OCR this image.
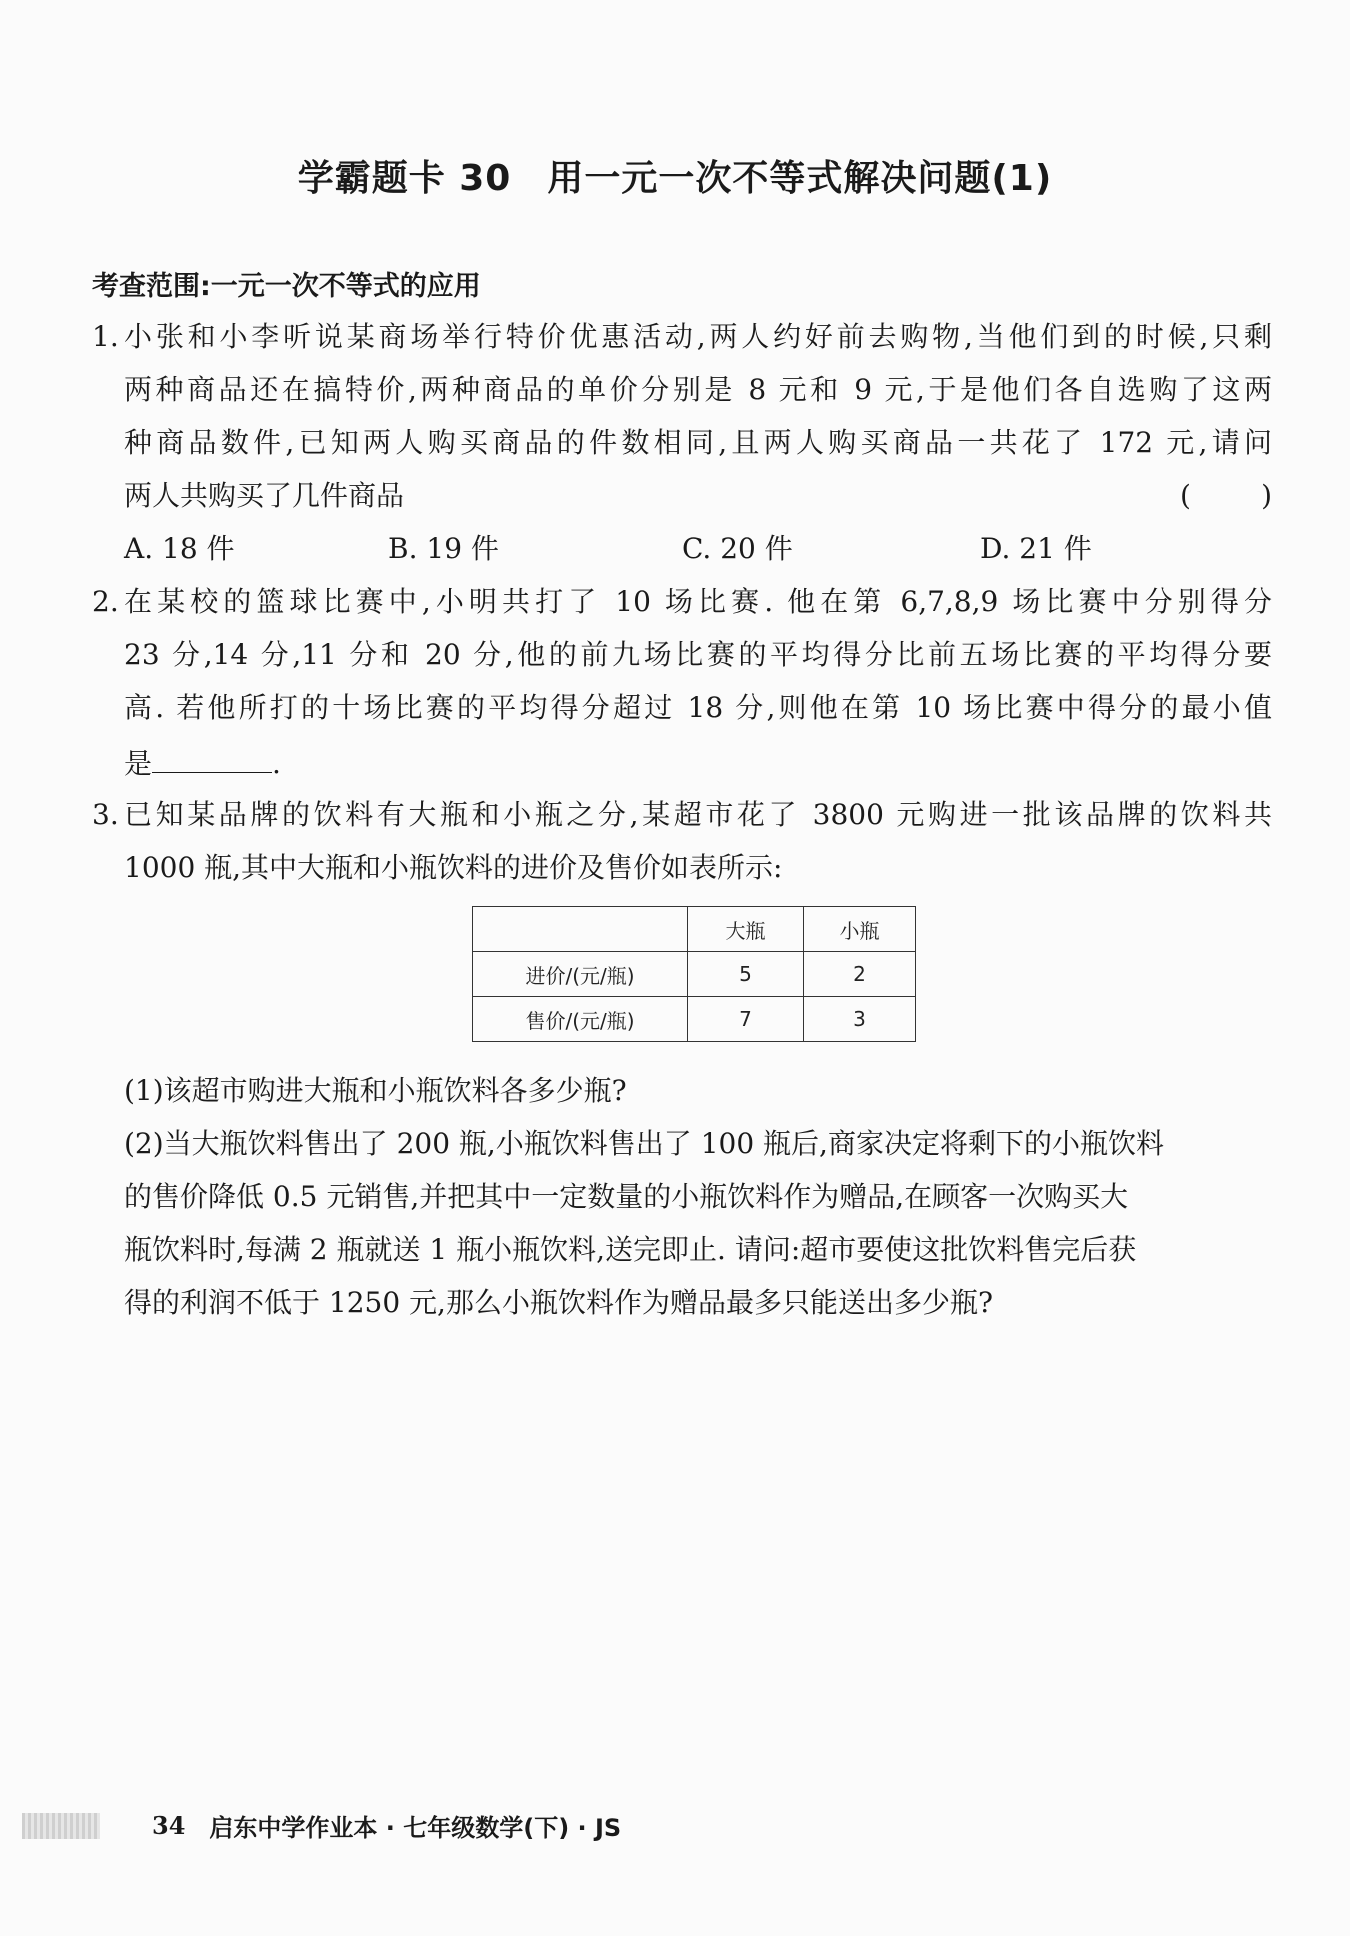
学霸题卡 30 用一元一次不等式解决问题(1)
考查范围:一元一次不等式的应用
1. 小张和小李听说某商场举行特价优惠活动,两人约好前去购物,当他们到的时候,只剩
两种商品还在搞特价,两种商品的单价分别是 8 元和 9 元,于是他们各自选购了这两
种商品数件,已知两人购买商品的件数相同,且两人购买商品一共花了 172 元,请问
两人共购买了几件商品	(	)
A. 18 件	B. 19 件	C. 20 件	D. 21 件
2. 在某校的篮球比赛中,小明共打了 10 场比赛. 他在第 6,7,8,9 场比赛中分别得分
23 分,14 分,11 分和 20 分,他的前九场比赛的平均得分比前五场比赛的平均得分要
高. 若他所打的十场比赛的平均得分超过 18 分,则他在第 10 场比赛中得分的最小值
是	.
3. 已知某品牌的饮料有大瓶和小瓶之分,某超市花了 3800 元购进一批该品牌的饮料共
1000 瓶,其中大瓶和小瓶饮料的进价及售价如表所示:
	大瓶	小瓶
进价/(元/瓶)	5	2
售价/(元/瓶)	7	3
(1)该超市购进大瓶和小瓶饮料各多少瓶?
(2)当大瓶饮料售出了 200 瓶,小瓶饮料售出了 100 瓶后,商家决定将剩下的小瓶饮料
的售价降低 0.5 元销售,并把其中一定数量的小瓶饮料作为赠品,在顾客一次购买大
瓶饮料时,每满 2 瓶就送 1 瓶小瓶饮料,送完即止. 请问:超市要使这批饮料售完后获
得的利润不低于 1250 元,那么小瓶饮料作为赠品最多只能送出多少瓶?
34 启东中学作业本 · 七年级数学(下) · JS
